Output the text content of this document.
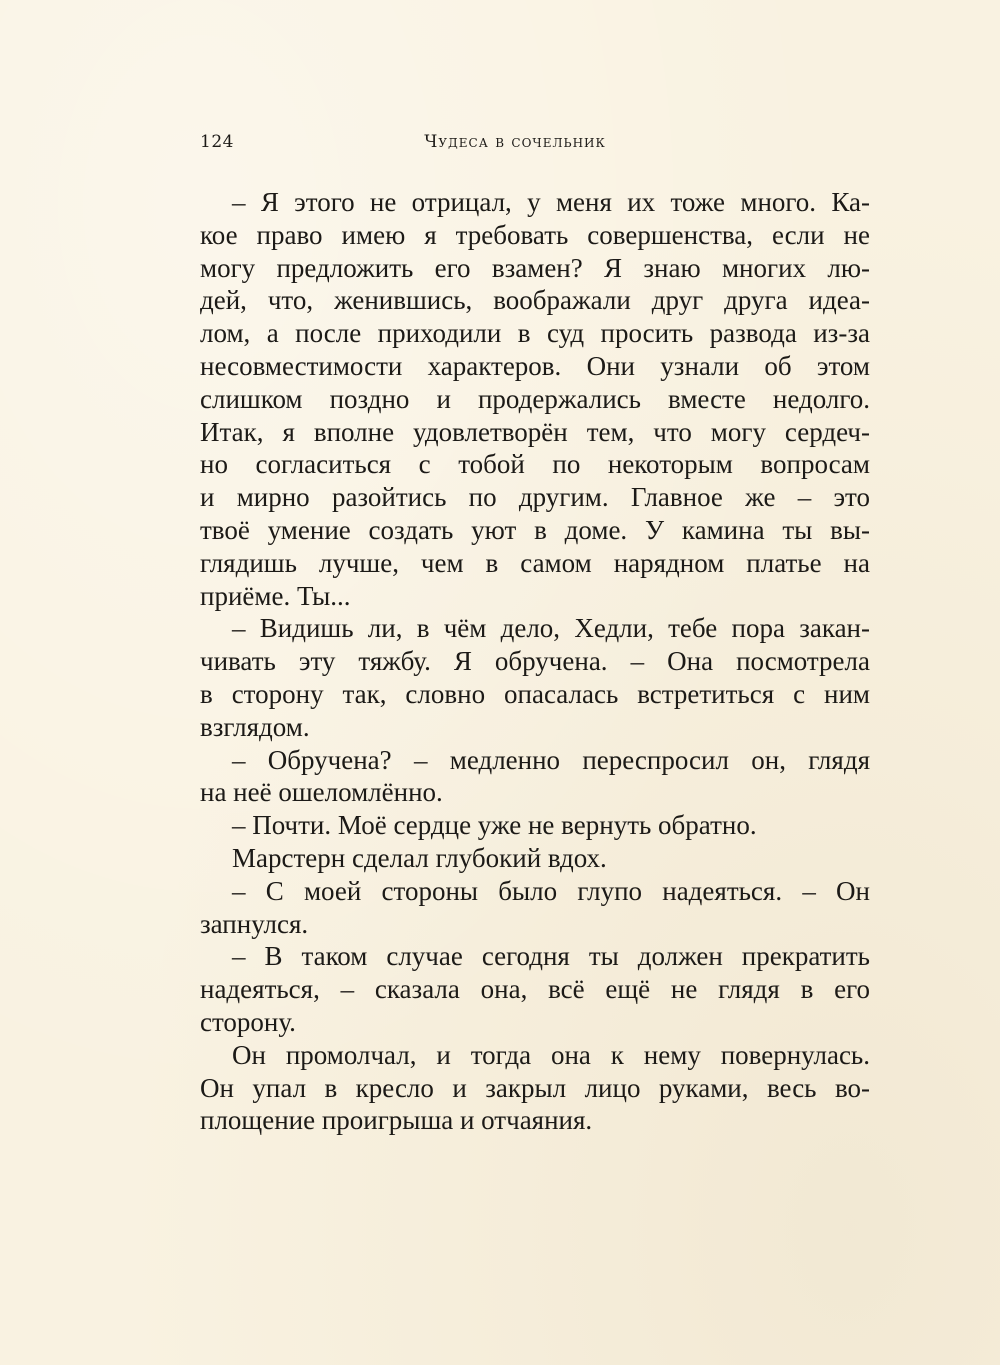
124	Чудеса в сочельник
– Я этого не отрицал, у меня их тоже много. Ка-
кое право имею я требовать совершенства, если не
могу предложить его взамен? Я знаю многих лю-
дей, что, женившись, воображали друг друга идеа-
лом, а после приходили в суд просить развода из-за
несовместимости характеров. Они узнали об этом
слишком поздно и продержались вместе недолго.
Итак, я вполне удовлетворён тем, что могу сердеч-
но согласиться с тобой по некоторым вопросам
и мирно разойтись по другим. Главное же – это
твоё умение создать уют в доме. У камина ты вы-
глядишь лучше, чем в самом нарядном платье на
приёме. Ты...
– Видишь ли, в чём дело, Хедли, тебе пора закан-
чивать эту тяжбу. Я обручена. – Она посмотрела
в сторону так, словно опасалась встретиться с ним
взглядом.
– Обручена? – медленно переспросил он, глядя
на неё ошеломлённо.
– Почти. Моё сердце уже не вернуть обратно.
Марстерн сделал глубокий вдох.
– С моей стороны было глупо надеяться. – Он
запнулся.
– В таком случае сегодня ты должен прекратить
надеяться, – сказала она, всё ещё не глядя в его
сторону.
Он промолчал, и тогда она к нему повернулась.
Он упал в кресло и закрыл лицо руками, весь во-
площение проигрыша и отчаяния.
